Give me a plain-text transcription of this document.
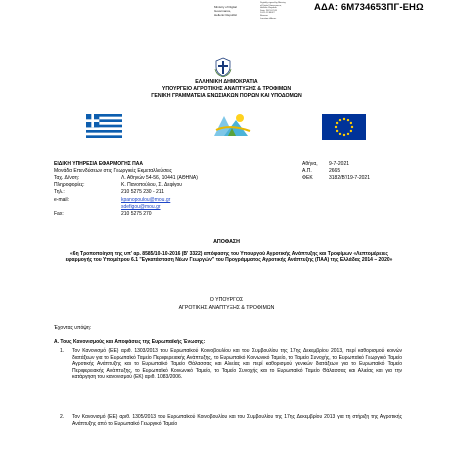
Ministry of Digital
Governance,
Hellenic Republic
Digitally signed by Ministry
of Digital Governance,
Hellenic Republic
Date: 2021.07.09
14:11:13 EEST
Reason:
Location: Athens
ΑΔΑ: 6Μ734653ΠΓ-ΕΗΩ
ΕΛΛΗΝΙΚΗ ΔΗΜΟΚΡΑΤΙΑ
ΥΠΟΥΡΓΕΙΟ ΑΓΡΟΤΙΚΗΣ ΑΝΑΠΤΥΞΗΣ & ΤΡΟΦΙΜΩΝ
ΓΕΝΙΚΗ ΓΡΑΜΜΑΤΕΙΑ ΕΝΩΣΙΑΚΩΝ ΠΟΡΩΝ ΚΑΙ ΥΠΟΔΟΜΩΝ
ΕΙΔΙΚΗ ΥΠΗΡΕΣΙΑ ΕΦΑΡΜΟΓΗΣ ΠΑΑ
Μονάδα Επενδύσεων στις Γεωργικές Εκμεταλλεύσεις
Ταχ. Δ/νση:	Λ. Αθηνών 54-56, 10441 (ΑΘΗΝΑ)
Πληροφορίες:	Κ. Πανοπούλου, Σ. Δεφίγου
Τηλ.:	210 5275 230 - 211
e-mail:	kpanopoulou@mou.gr
sdefigou@mou.gr
Fax:	210 5275 270
Αθήνα, 9-7-2021
Α.Π.	2665
ΦΕΚ	3182/Β'/19-7-2021
ΑΠΟΦΑΣΗ
«6η Τροποποίηση της υπ' αρ. 8585/10-10-2016 (Β' 3322) απόφασης του Υπουργού Αγροτικής Ανάπτυξης και Τροφίμων «Λεπτομέρειες εφαρμογής του Υπομέτρου 6.1 "Εγκατάσταση Νέων Γεωργών" του Προγράμματος Αγροτικής Ανάπτυξης (ΠΑΑ) της Ελλάδας 2014 – 2020»
Ο ΥΠΟΥΡΓΟΣ
ΑΓΡΟΤΙΚΗΣ ΑΝΑΠΤΥΞΗΣ & ΤΡΟΦΙΜΩΝ
Έχοντας υπόψη:
Α. Τους Κανονισμούς και Αποφάσεις της Ευρωπαϊκής Ένωσης:
1. Τον Κανονισμό (ΕΕ) αριθ. 1303/2013 του Ευρωπαϊκού Κοινοβουλίου και του Συμβουλίου της 17ης Δεκεμβρίου 2013, περί καθορισμού κοινών διατάξεων για το Ευρωπαϊκό Ταμείο Περιφερειακής Ανάπτυξης, το Ευρωπαϊκό Κοινωνικό Ταμείο, το Ταμείο Συνοχής, το Ευρωπαϊκό Γεωργικό Ταμείο Αγροτικής Ανάπτυξης και το Ευρωπαϊκό Ταμείο Θάλασσας και Αλιείας και περί καθορισμού γενικών διατάξεων για το Ευρωπαϊκό Ταμείο Περιφερειακής Ανάπτυξης, το Ευρωπαϊκό Κοινωνικό Ταμείο, το Ταμείο Συνοχής και το Ευρωπαϊκό Ταμείο Θάλασσας και Αλιείας και για την κατάργηση του κανονισμού (ΕΚ) αριθ. 1083/2006.
2. Τον Κανονισμό (ΕΕ) αριθ. 1305/2013 του Ευρωπαϊκού Κοινοβουλίου και του Συμβουλίου της 17ης Δεκεμβρίου 2013 για τη στήριξη της Αγροτικής Ανάπτυξης από το Ευρωπαϊκό Γεωργικό Ταμείο
